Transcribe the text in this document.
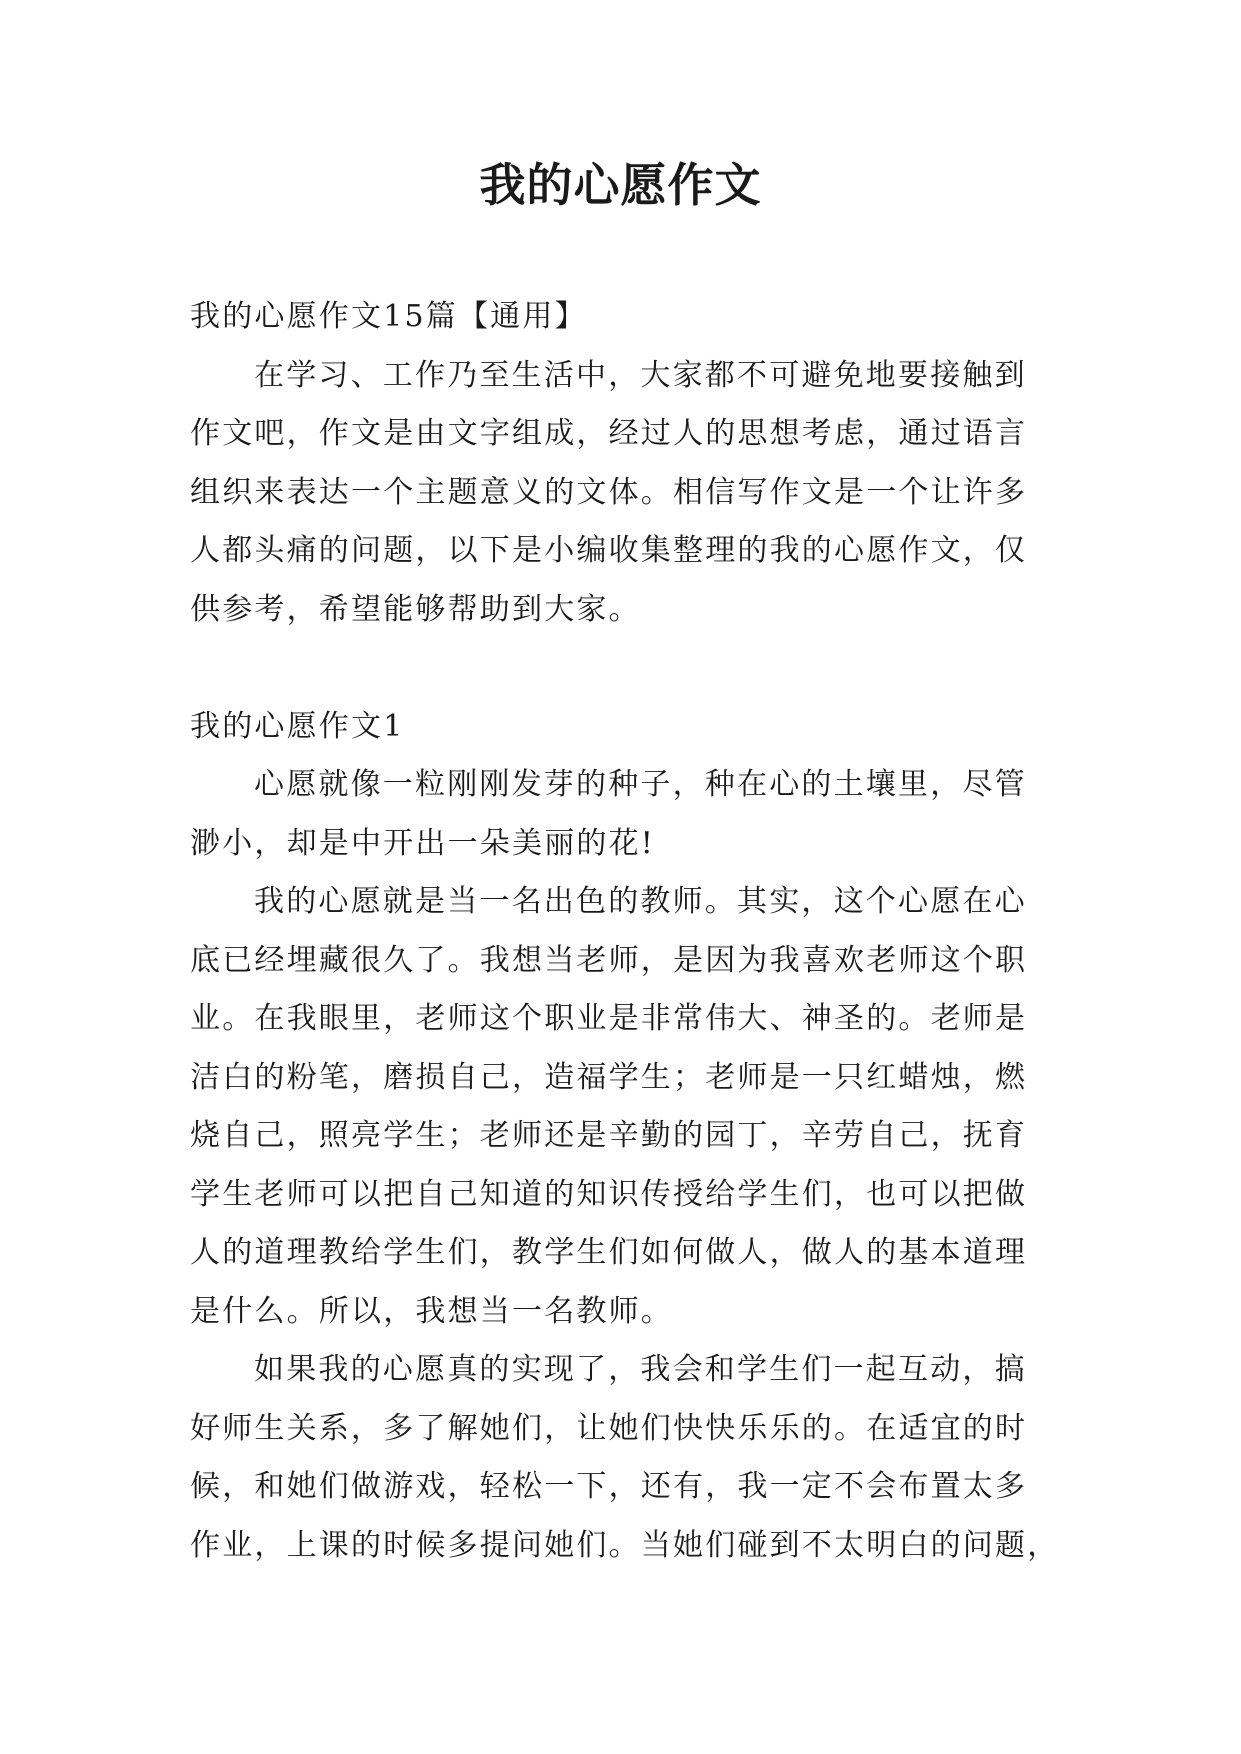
我的心愿作文

我的心愿作文15篇【通用】

在学习、工作乃至生活中，大家都不可避免地要接触到

作文吧，作文是由文字组成，经过人的思想考虑，通过语言

组织来表达一个主题意义的文体。相信写作文是一个让许多

人都头痛的问题，以下是小编收集整理的我的心愿作文，仅

供参考，希望能够帮助到大家。

我的心愿作文1

心愿就像一粒刚刚发芽的种子，种在心的土壤里，尽管

渺小，却是中开出一朵美丽的花!

我的心愿就是当一名出色的教师。其实，这个心愿在心

底已经埋藏很久了。我想当老师，是因为我喜欢老师这个职

业。在我眼里，老师这个职业是非常伟大、神圣的。老师是

洁白的粉笔，磨损自己，造福学生；老师是一只红蜡烛，燃

烧自己，照亮学生；老师还是辛勤的园丁，辛劳自己，抚育

学生老师可以把自己知道的知识传授给学生们，也可以把做

人的道理教给学生们，教学生们如何做人，做人的基本道理

是什么。所以，我想当一名教师。

如果我的心愿真的实现了，我会和学生们一起互动，搞

好师生关系，多了解她们，让她们快快乐乐的。在适宜的时

候，和她们做游戏，轻松一下，还有，我一定不会布置太多

作业，上课的时候多提问她们。当她们碰到不太明白的问题，
